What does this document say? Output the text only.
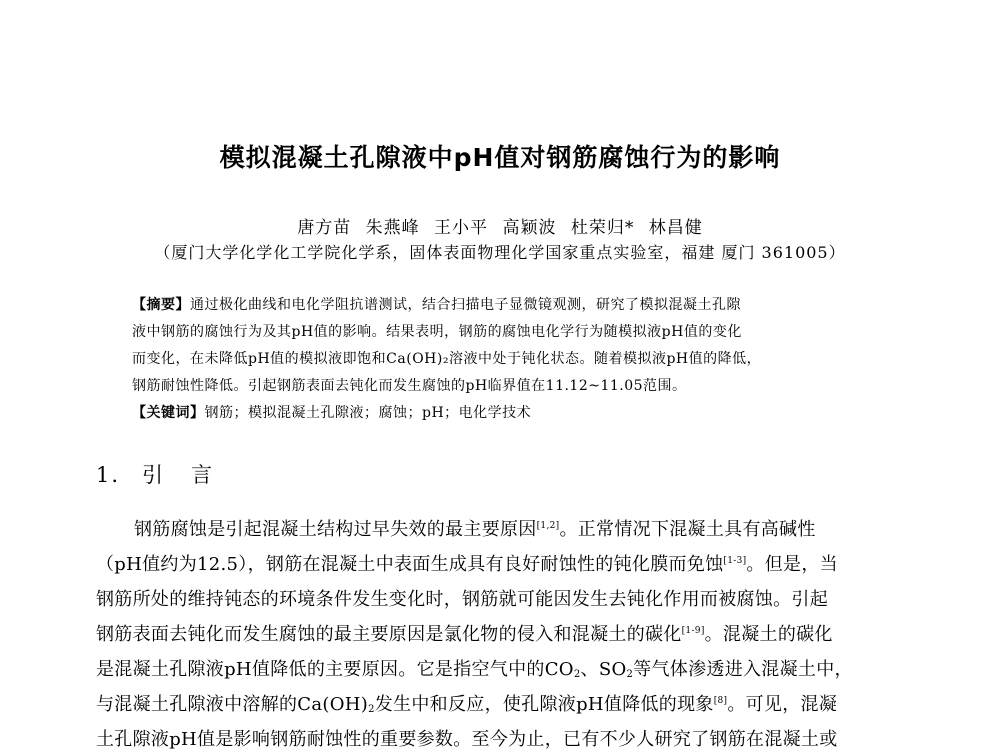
模拟混凝土孔隙液中pH值对钢筋腐蚀行为的影响
唐方苗 朱燕峰 王小平 高颖波 杜荣归* 林昌健
（厦门大学化学化工学院化学系，固体表面物理化学国家重点实验室，福建 厦门 361005）
【摘要】通过极化曲线和电化学阻抗谱测试，结合扫描电子显微镜观测，研究了模拟混凝土孔隙
液中钢筋的腐蚀行为及其pH值的影响。结果表明，钢筋的腐蚀电化学行为随模拟液pH值的变化
而变化，在未降低pH值的模拟液即饱和Ca(OH)₂溶液中处于钝化状态。随着模拟液pH值的降低，
钢筋耐蚀性降低。引起钢筋表面去钝化而发生腐蚀的pH临界值在11.12~11.05范围。
【关键词】钢筋；模拟混凝土孔隙液；腐蚀；pH；电化学技术
1. 引 言
钢筋腐蚀是引起混凝土结构过早失效的最主要原因[1,2]。正常情况下混凝土具有高碱性
（pH值约为12.5），钢筋在混凝土中表面生成具有良好耐蚀性的钝化膜而免蚀[1-3]。但是，当
钢筋所处的维持钝态的环境条件发生变化时，钢筋就可能因发生去钝化作用而被腐蚀。引起
钢筋表面去钝化而发生腐蚀的最主要原因是氯化物的侵入和混凝土的碳化[1-9]。混凝土的碳化
是混凝土孔隙液pH值降低的主要原因。它是指空气中的$CO_2$、$SO_2$等气体渗透进入混凝土中，
与混凝土孔隙液中溶解的$Ca(OH)_2$发生中和反应，使孔隙液pH值降低的现象[8]。可见，混凝
土孔隙液pH值是影响钢筋耐蚀性的重要参数。至今为止，已有不少人研究了钢筋在混凝土或
